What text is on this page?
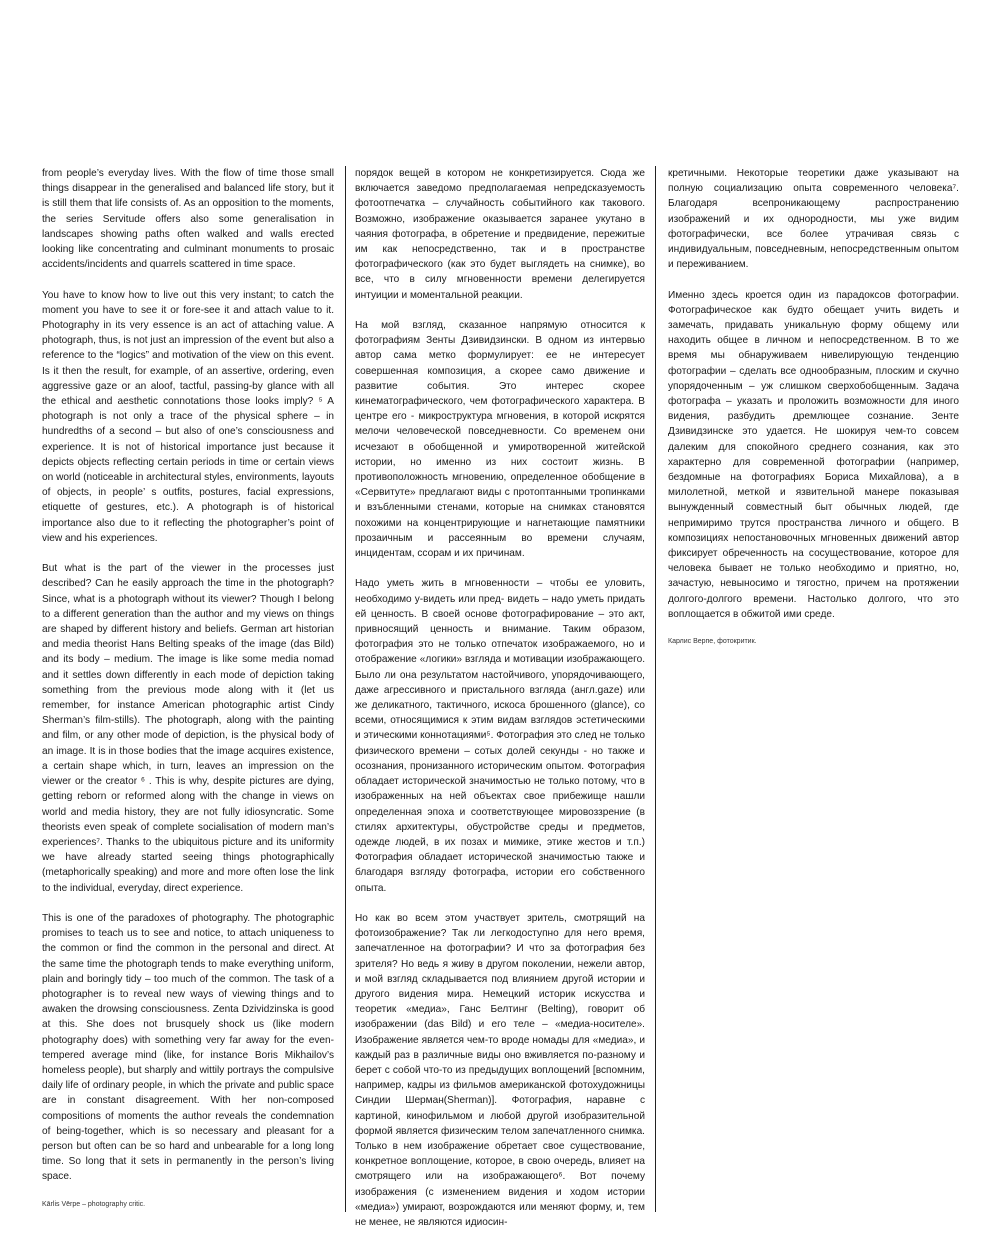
from people’s everyday lives. With the flow of time those small things disappear in the generalised and balanced life story, but it is still them that life consists of. As an opposition to the moments, the series Servitude offers also some generalisation in landscapes showing paths often walked and walls erected looking like concentrating and culminant monuments to prosaic accidents/incidents and quarrels scattered in time space.

You have to know how to live out this very instant; to catch the moment you have to see it or fore-see it and attach value to it. Photography in its very essence is an act of attaching value. A photograph, thus, is not just an impression of the event but also a reference to the “logics” and motivation of the view on this event. Is it then the result, for example, of an assertive, ordering, even aggressive gaze or an aloof, tactful, passing-by glance with all the ethical and aesthetic connotations those looks imply? ⁵ A photograph is not only a trace of the physical sphere – in hundredths of a second – but also of one’s consciousness and experience. It is not of historical importance just because it depicts objects reflecting certain periods in time or certain views on world (noticeable in architectural styles, environments, layouts of objects, in people’ s outfits, postures, facial expressions, etiquette of gestures, etc.). A photograph is of historical importance also due to it reflecting the photographer’s point of view and his experiences.

But what is the part of the viewer in the processes just described? Can he easily approach the time in the photograph? Since, what is a photograph without its viewer? Though I belong to a different generation than the author and my views on things are shaped by different history and beliefs. German art historian and media theorist Hans Belting speaks of the image (das Bild) and its body – medium. The image is like some media nomad and it settles down differently in each mode of depiction taking something from the previous mode along with it (let us remember, for instance American photographic artist Cindy Sherman’s film-stills). The photograph, along with the painting and film, or any other mode of depiction, is the physical body of an image. It is in those bodies that the image acquires existence, a certain shape which, in turn, leaves an impression on the viewer or the creator ⁶ . This is why, despite pictures are dying, getting reborn or reformed along with the change in views on world and media history, they are not fully idiosyncratic. Some theorists even speak of complete socialisation of modern man’s experiences⁷. Thanks to the ubiquitous picture and its uniformity we have already started seeing things photographically (metaphorically speaking) and more and more often lose the link to the individual, everyday, direct experience.

This is one of the paradoxes of photography. The photographic promises to teach us to see and notice, to attach uniqueness to the common or find the common in the personal and direct. At the same time the photograph tends to make everything uniform, plain and boringly tidy – too much of the common. The task of a photographer is to reveal new ways of viewing things and to awaken the drowsing consciousness. Zenta Dzividzinska is good at this. She does not brusquely shock us (like modern photography does) with something very far away for the even-tempered average mind (like, for instance Boris Mikhailov’s homeless people), but sharply and wittily portrays the compulsive daily life of ordinary people, in which the private and public space are in constant disagreement. With her non-composed compositions of moments the author reveals the condemnation of being-together, which is so necessary and pleasant for a person but often can be so hard and unbearable for a long long time. So long that it sets in permanently in the person’s living space.

Kārlis Vērpe – photography critic.

порядок вещей в котором не конкретизируется. Сюда же включается заведомо предполагаемая непредсказуемость фотоотпечатка – случайность событийного как такового. Возможно, изображение оказывается заранее укутано в чаяния фотографа, в обретение и предвидение, пережитые им как непосредственно, так и в пространстве фотографического (как это будет выглядеть на снимке), во все, что в силу мгновенности времени делегируется интуиции и моментальной реакции.

На мой взгляд, сказанное напрямую относится к фотографиям Зенты Дзивидзински. В одном из интервью автор сама метко формулирует: ее не интересует совершенная композиция, а скорее само движение и развитие события. Это интерес скорее кинематографического, чем фотографического характера. В центре его - микроструктура мгновения, в которой искрятся мелочи человеческой повседневности. Со временем они исчезают в обобщенной и умиротворенной житейской истории, но именно из них состоит жизнь. В противоположность мгновению, определенное обобщение в «Сервитуте» предлагают виды с протоптанными тропинками и взъбленными стенами, которые на снимках становятся похожими на концентрирующие и нагнетающие памятники прозаичным и рассеянным во времени случаям, инцидентам, ссорам и их причинам.

Надо уметь жить в мгновенности – чтобы ее уловить, необходимо у-видеть или пред- видеть – надо уметь придать ей ценность. В своей основе фотографирование – это акт, привносящий ценность и внимание. Таким образом, фотография это не только отпечаток изображаемого, но и отображение «логики» взгляда и мотивации изображающего. Было ли она результатом настойчивого, упорядочивающего, даже агрессивного и пристального взгляда (англ.gaze) или же деликатного, тактичного, искоса брошенного (glance), со всеми, относящимися к этим видам взглядов эстетическими и этическими коннотациями⁵. Фотография это след не только физического времени – сотых долей секунды - но также и осознания, пронизанного историческим опытом. Фотография обладает исторической значимостью не только потому, что в изображенных на ней объектах свое прибежище нашли определенная эпоха и соответствующее мировоззрение (в стилях архитектуры, обустройстве среды и предметов, одежде людей, в их позах и мимике, этике жестов и т.п.) Фотография обладает исторической значимостью также и благодаря взгляду фотографа, истории его собственного опыта.

Но как во всем этом участвует зритель, смотрящий на фотоизображение? Так ли легкодоступно для него время, запечатленное на фотографии? И что за фотография без зрителя? Но ведь я живу в другом поколении, нежели автор, и мой взгляд складывается под влиянием другой истории и другого видения мира. Немецкий историк искусства и теоретик «медиа», Ганс Белтинг (Belting), говорит об изображении (das Bild) и его теле – «медиа-носителе». Изображение является чем-то вроде номады для «медиа», и каждый раз в различные виды оно вживляется по-разному и берет с собой что-то из предыдущих воплощений [вспомним, например, кадры из фильмов американской фотохудожницы Синдии Шерман(Sherman)]. Фотография, наравне с картиной, кинофильмом и любой другой изобразительной формой является физическим телом запечатленного снимка. Только в нем изображение обретает свое существование, конкретное воплощение, которое, в свою очередь, влияет на смотрящего или на изображающего⁶. Вот почему изображения (с изменением видения и ходом истории «медиа») умирают, возрождаются или меняют форму, и, тем не менее, не являются идиосин-

кретичными. Некоторые теоретики даже указывают на полную социализацию опыта современного человека⁷. Благодаря всепроникающему распространению изображений и их однородности, мы уже видим фотографически, все более утрачивая связь с индивидуальным, повседневным, непосредственным опытом и переживанием.

Именно здесь кроется один из парадоксов фотографии. Фотографическое как будто обещает учить видеть и замечать, придавать уникальную форму общему или находить общее в личном и непосредственном. В то же время мы обнаруживаем нивелирующую тенденцию фотографии – сделать все однообразным, плоским и скучно упорядоченным – уж слишком сверхобобщенным. Задача фотографа – указать и проложить возможности для иного видения, разбудить дремлющее сознание. Зенте Дзивидзинске это удается. Не шокируя чем-то совсем далеким для спокойного среднего сознания, как это характерно для современной фотографии (например, бездомные на фотографиях Бориса Михайлова), а в милолетной, меткой и язвительной манере показывая вынужденный совместный быт обычных людей, где непримиримо трутся пространства личного и общего. В композициях непостановочных мгновенных движений автор фиксирует обреченность на сосуществование, которое для человека бывает не только необходимо и приятно, но, зачастую, невыносимо и тягостно, причем на протяжении долгого-долгого времени. Настолько долгого, что это воплощается в обжитой ими среде.

Карлис Верпе, фотокритик.
